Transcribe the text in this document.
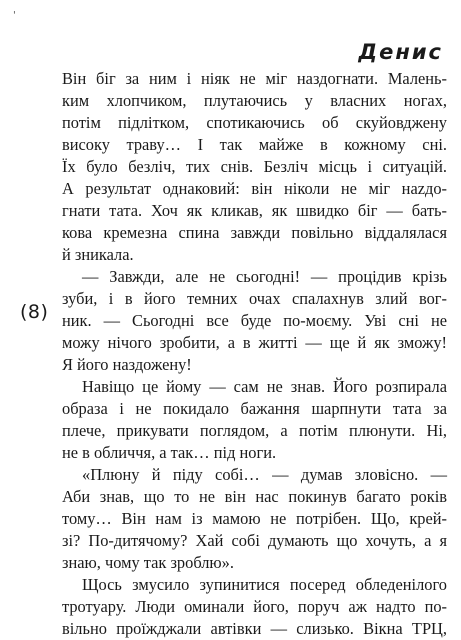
'
Денис
(8)
Він біг за ним і ніяк не міг наздогнати. Малень-
ким хлопчиком, плутаючись у власних ногах,
потім підлітком, спотикаючись об скуйовджену
високу траву… І так майже в кожному сні.
Їх було безліч, тих снів. Безліч місць і ситуацій.
А результат однаковий: він ніколи не міг нazдо-
гнати тата. Хоч як кликав, як швидко біг — бать-
кова кремезна спина завжди повільно віддалялася
й зникала.
— Завжди, але не сьогодні! — процідив крізь
зуби, і в його темних очах спалахнув злий вог-
ник. — Сьогодні все буде по-моєму. Уві сні не
можу нічого зробити, а в житті — ще й як зможу!
Я його наздожену!
Навіщо це йому — сам не знав. Його розпирала
образа і не покидало бажання шарпнути тата за
плече, прикувати поглядом, а потім плюнути. Ні,
не в обличчя, а так… під ноги.
«Плюну й піду собі… — думав зловісно. —
Аби знав, що то не він нас покинув багато років
тому… Він нам із мамою не потрібен. Що, крей-
зі? По-дитячому? Хай собі думають що хочуть, а я
знаю, чому так зроблю».
Щось змусило зупинитися посеред обледенілого
тротуару. Люди оминали його, поруч аж надто по-
вільно проїжджали автівки — слизько. Вікна ТРЦ,
